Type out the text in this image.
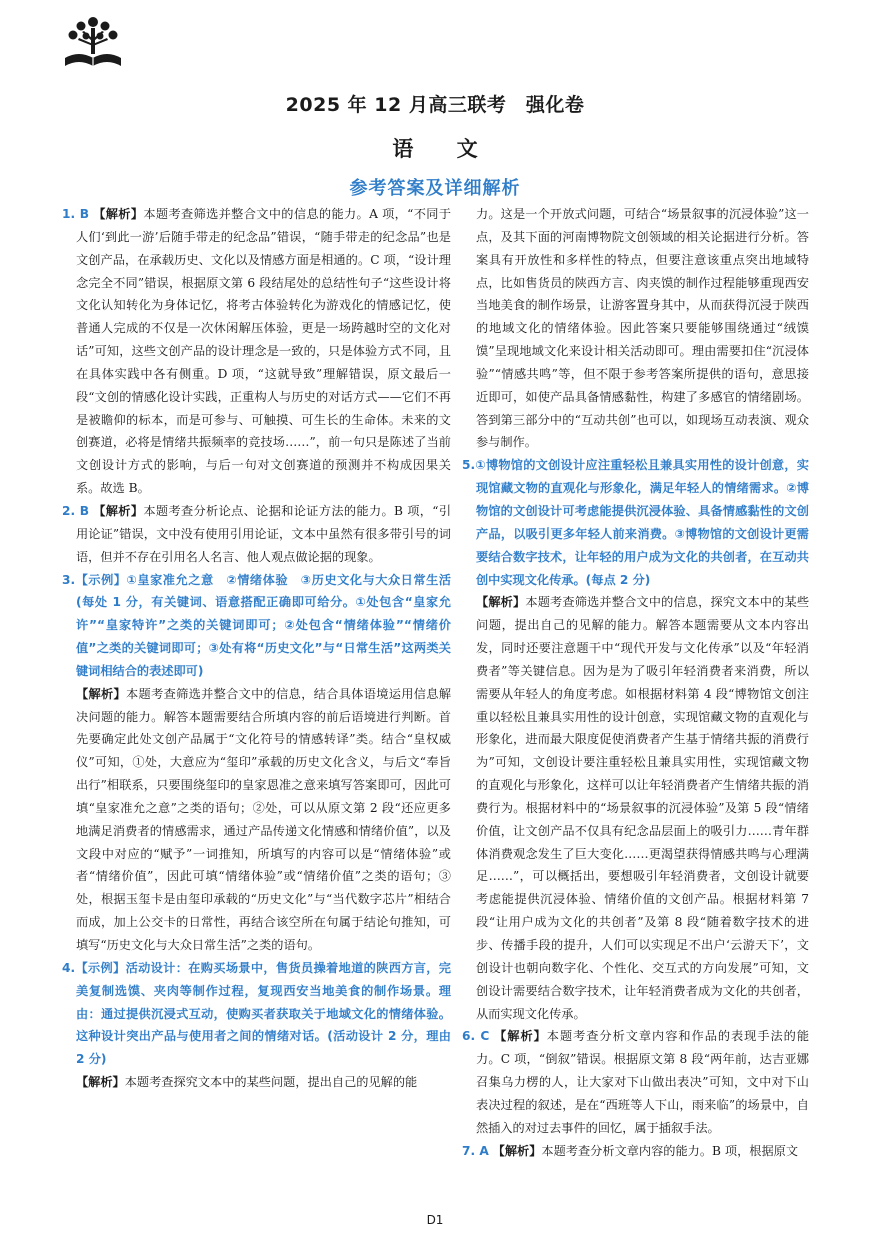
2025 年 12 月高三联考　强化卷
语 文
参考答案及详细解析

1. B 【解析】本题考查筛选并整合文中的信息的能力。A 项，“不同于人们‘到此一游’后随手带走的纪念品”错误，“随手带走的纪念品”也是文创产品，在承载历史、文化以及情感方面是相通的。C 项，“设计理念完全不同”错误，根据原文第 6 段结尾处的总结性句子“这些设计将文化认知转化为身体记忆，将考古体验转化为游戏化的情感记忆，使普通人完成的不仅是一次休闲解压体验，更是一场跨越时空的文化对话”可知，这些文创产品的设计理念是一致的，只是体验方式不同，且在具体实践中各有侧重。D 项，“这就导致”理解错误，原文最后一段“文创的情感化设计实践，正重构人与历史的对话方式——它们不再是被瞻仰的标本，而是可参与、可触摸、可生长的生命体。未来的文创赛道，必将是情绪共振频率的竞技场……”，前一句只是陈述了当前文创设计方式的影响，与后一句对文创赛道的预测并不构成因果关系。故选 B。

2. B 【解析】本题考查分析论点、论据和论证方法的能力。B 项，“引用论证”错误，文中没有使用引用论证，文本中虽然有很多带引号的词语，但并不存在引用名人名言、他人观点做论据的现象。

3.【示例】①皇家准允之意　②情绪体验　③历史文化与大众日常生活(每处 1 分，有关键词、语意搭配正确即可给分。①处包含“皇家允许”“皇家特许”之类的关键词即可；②处包含“情绪体验”“情绪价值”之类的关键词即可；③处有将“历史文化”与“日常生活”这两类关键词相结合的表述即可)

【解析】本题考查筛选并整合文中的信息，结合具体语境运用信息解决问题的能力。解答本题需要结合所填内容的前后语境进行判断。首先要确定此处文创产品属于“文化符号的情感转译”类。结合“皇权威仪”可知，①处，大意应为“玺印”承载的历史文化含义，与后文“奉旨出行”相联系，只要围绕玺印的皇家恩准之意来填写答案即可，因此可填“皇家准允之意”之类的语句；②处，可以从原文第 2 段“还应更多地满足消费者的情感需求，通过产品传递文化情感和情绪价值”，以及文段中对应的“赋予”一词推知，所填写的内容可以是“情绪体验”或者“情绪价值”，因此可填“情绪体验”或“情绪价值”之类的语句；③处，根据玉玺卡是由玺印承载的“历史文化”与“当代数字芯片”相结合而成，加上公交卡的日常性，再结合该空所在句属于结论句推知，可填写“历史文化与大众日常生活”之类的语句。

4.【示例】活动设计：在购买场景中，售货员操着地道的陕西方言，完美复制选馍、夹肉等制作过程，复现西安当地美食的制作场景。理由：通过提供沉浸式互动，使购买者获取关于地域文化的情绪体验。这种设计突出产品与使用者之间的情绪对话。(活动设计 2 分，理由 2 分)

【解析】本题考查探究文本中的某些问题，提出自己的见解的能

力。这是一个开放式问题，可结合“场景叙事的沉浸体验”这一点，及其下面的河南博物院文创领域的相关论据进行分析。答案具有开放性和多样性的特点，但要注意该重点突出地域特点，比如售货员的陕西方言、肉夹馍的制作过程能够重现西安当地美食的制作场景，让游客置身其中，从而获得沉浸于陕西的地域文化的情绪体验。因此答案只要能够围绕通过“绒馍馍”呈现地域文化来设计相关活动即可。理由需要扣住“沉浸体验”“情感共鸣”等，但不限于参考答案所提供的语句，意思接近即可，如使产品具备情感黏性，构建了多感官的情绪剧场。答到第三部分中的“互动共创”也可以，如现场互动表演、观众参与制作。

5.①博物馆的文创设计应注重轻松且兼具实用性的设计创意，实现馆藏文物的直观化与形象化，满足年轻人的情绪需求。②博物馆的文创设计可考虑能提供沉浸体验、具备情感黏性的文创产品，以吸引更多年轻人前来消费。③博物馆的文创设计更需要结合数字技术，让年轻的用户成为文化的共创者，在互动共创中实现文化传承。(每点 2 分)

【解析】本题考查筛选并整合文中的信息，探究文本中的某些问题，提出自己的见解的能力。解答本题需要从文本内容出发，同时还要注意题干中“现代开发与文化传承”以及“年轻消费者”等关键信息。因为是为了吸引年轻消费者来消费，所以需要从年轻人的角度考虑。如根据材料第 4 段“博物馆文创注重以轻松且兼具实用性的设计创意，实现馆藏文物的直观化与形象化，进而最大限度促使消费者产生基于情绪共振的消费行为”可知，文创设计要注重轻松且兼具实用性，实现馆藏文物的直观化与形象化，这样可以让年轻消费者产生情绪共振的消费行为。根据材料中的“场景叙事的沉浸体验”及第 5 段“情绪价值，让文创产品不仅具有纪念品层面上的吸引力……青年群体消费观念发生了巨大变化……更渴望获得情感共鸣与心理满足……”，可以概括出，要想吸引年轻消费者，文创设计就要考虑能提供沉浸体验、情绪价值的文创产品。根据材料第 7 段“让用户成为文化的共创者”及第 8 段“随着数字技术的进步、传播手段的提升，人们可以实现足不出户‘云游天下’，文创设计也朝向数字化、个性化、交互式的方向发展”可知，文创设计需要结合数字技术，让年轻消费者成为文化的共创者，从而实现文化传承。

6. C 【解析】本题考查分析文章内容和作品的表现手法的能力。C 项，“倒叙”错误。根据原文第 8 段“两年前，达吉亚娜召集乌力楞的人，让大家对下山做出表决”可知，文中对下山表决过程的叙述，是在“西班等人下山，雨来临”的场景中，自然插入的对过去事件的回忆，属于插叙手法。

7. A 【解析】本题考查分析文章内容的能力。B 项，根据原文

D1
